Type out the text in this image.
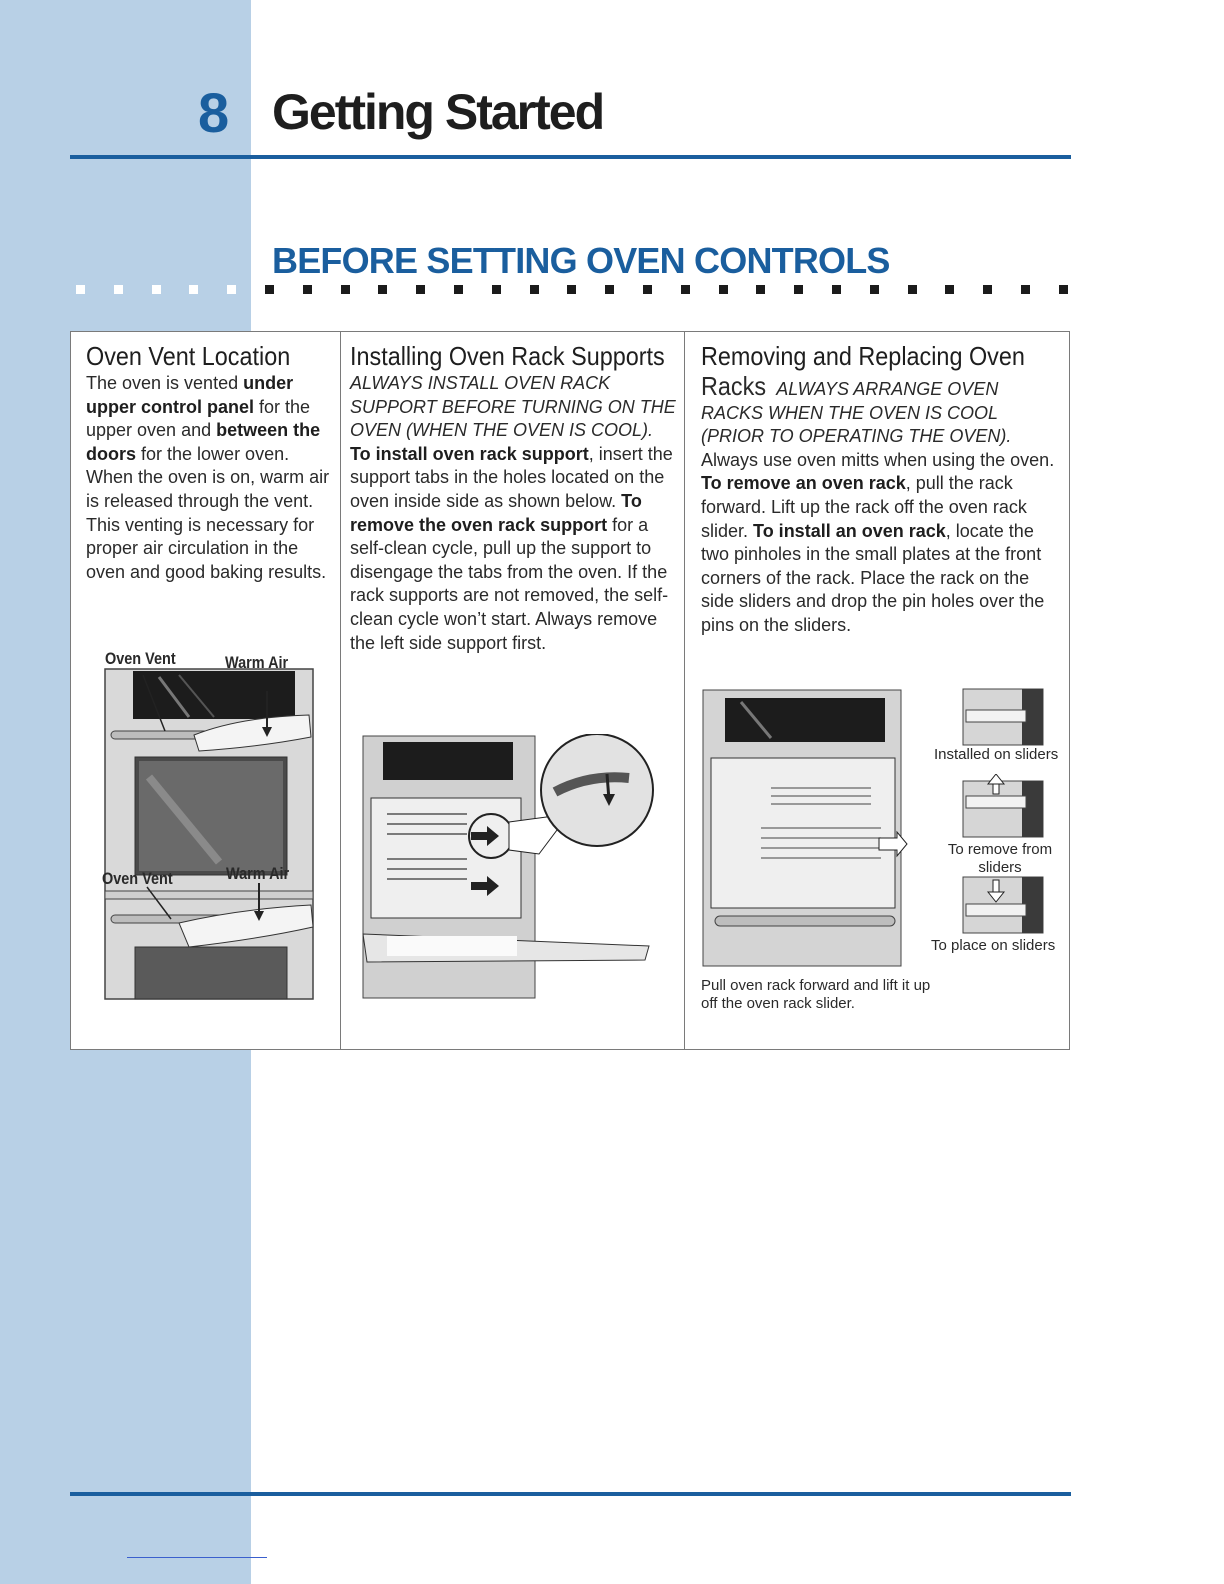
8 Getting Started
BEFORE SETTING OVEN CONTROLS
Oven Vent Location
The oven is vented under upper control panel for the upper oven and between the doors for the lower oven. When the oven is on, warm air is released through the vent. This venting is necessary for proper air circulation in the oven and good baking results.
Oven Vent	Warm Air
Oven Vent	Warm Air
Installing Oven Rack Supports
ALWAYS INSTALL OVEN RACK SUPPORT BEFORE TURNING ON THE OVEN (WHEN THE OVEN IS COOL).
To install oven rack support, insert the support tabs in the holes located on the oven inside side as shown below. To remove the oven rack support for a self-clean cycle, pull up the support to disengage the tabs from the oven. If the rack supports are not removed, the self-clean cycle won’t start. Always remove the left side support first.
Removing and Replacing Oven
Racks ALWAYS ARRANGE OVEN RACKS WHEN THE OVEN IS COOL (PRIOR TO OPERATING THE OVEN).
Always use oven mitts when using the oven.
To remove an oven rack, pull the rack forward. Lift up the rack off the oven rack slider. To install an oven rack, locate the two pinholes in the small plates at the front corners of the rack. Place the rack on the side sliders and drop the pin holes over the pins on the sliders.
Installed on sliders
To remove from sliders
To place on sliders
Pull oven rack forward and lift it up off the oven rack slider.
